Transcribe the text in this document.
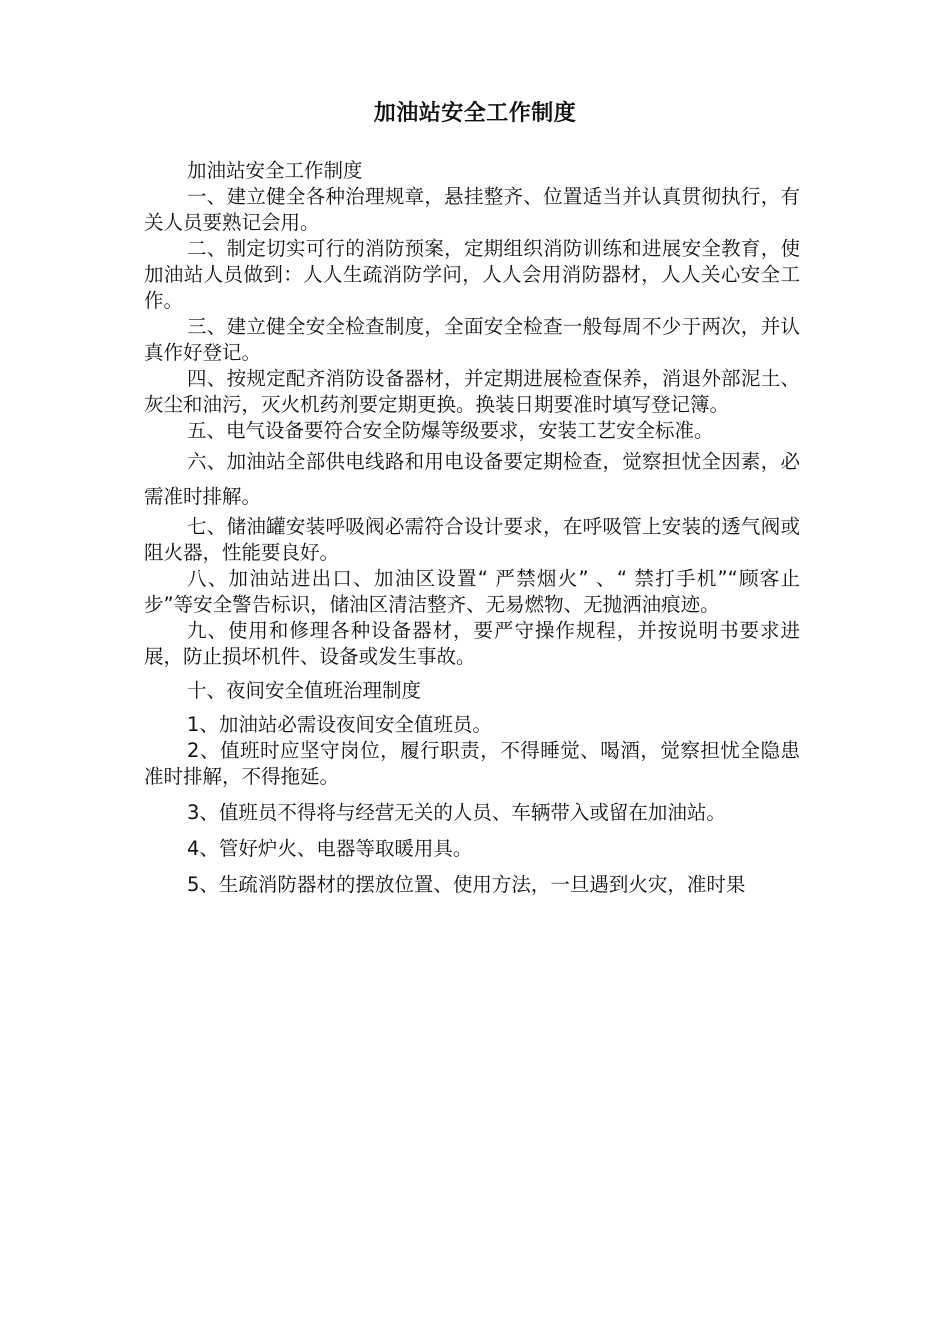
加油站安全工作制度

加油站安全工作制度

一、建立健全各种治理规章，悬挂整齐、位置适当并认真贯彻执行，有关人员要熟记会用。

二、制定切实可行的消防预案，定期组织消防训练和进展安全教育，使加油站人员做到：人人生疏消防学问，人人会用消防器材，人人关心安全工作。

三、建立健全安全检查制度，全面安全检查一般每周不少于两次，并认真作好登记。

四、按规定配齐消防设备器材，并定期进展检查保养，消退外部泥土、灰尘和油污，灭火机药剂要定期更换。换装日期要准时填写登记簿。

五、电气设备要符合安全防爆等级要求，安装工艺安全标准。

六、加油站全部供电线路和用电设备要定期检查，觉察担忧全因素，必需准时排解。

七、储油罐安装呼吸阀必需符合设计要求，在呼吸管上安装的透气阀或阻火器，性能要良好。

八、加油站进出口、加油区设置“ 严禁烟火” 、“ 禁打手机”“顾客止步”等安全警告标识，储油区清洁整齐、无易燃物、无抛洒油痕迹。

九、使用和修理各种设备器材，要严守操作规程，并按说明书要求进展，防止损坏机件、设备或发生事故。

十、夜间安全值班治理制度

1、加油站必需设夜间安全值班员。

2、值班时应坚守岗位，履行职责，不得睡觉、喝酒，觉察担忧全隐患准时排解，不得拖延。

3、值班员不得将与经营无关的人员、车辆带入或留在加油站。

4、管好炉火、电器等取暖用具。

5、生疏消防器材的摆放位置、使用方法，一旦遇到火灾，准时果
